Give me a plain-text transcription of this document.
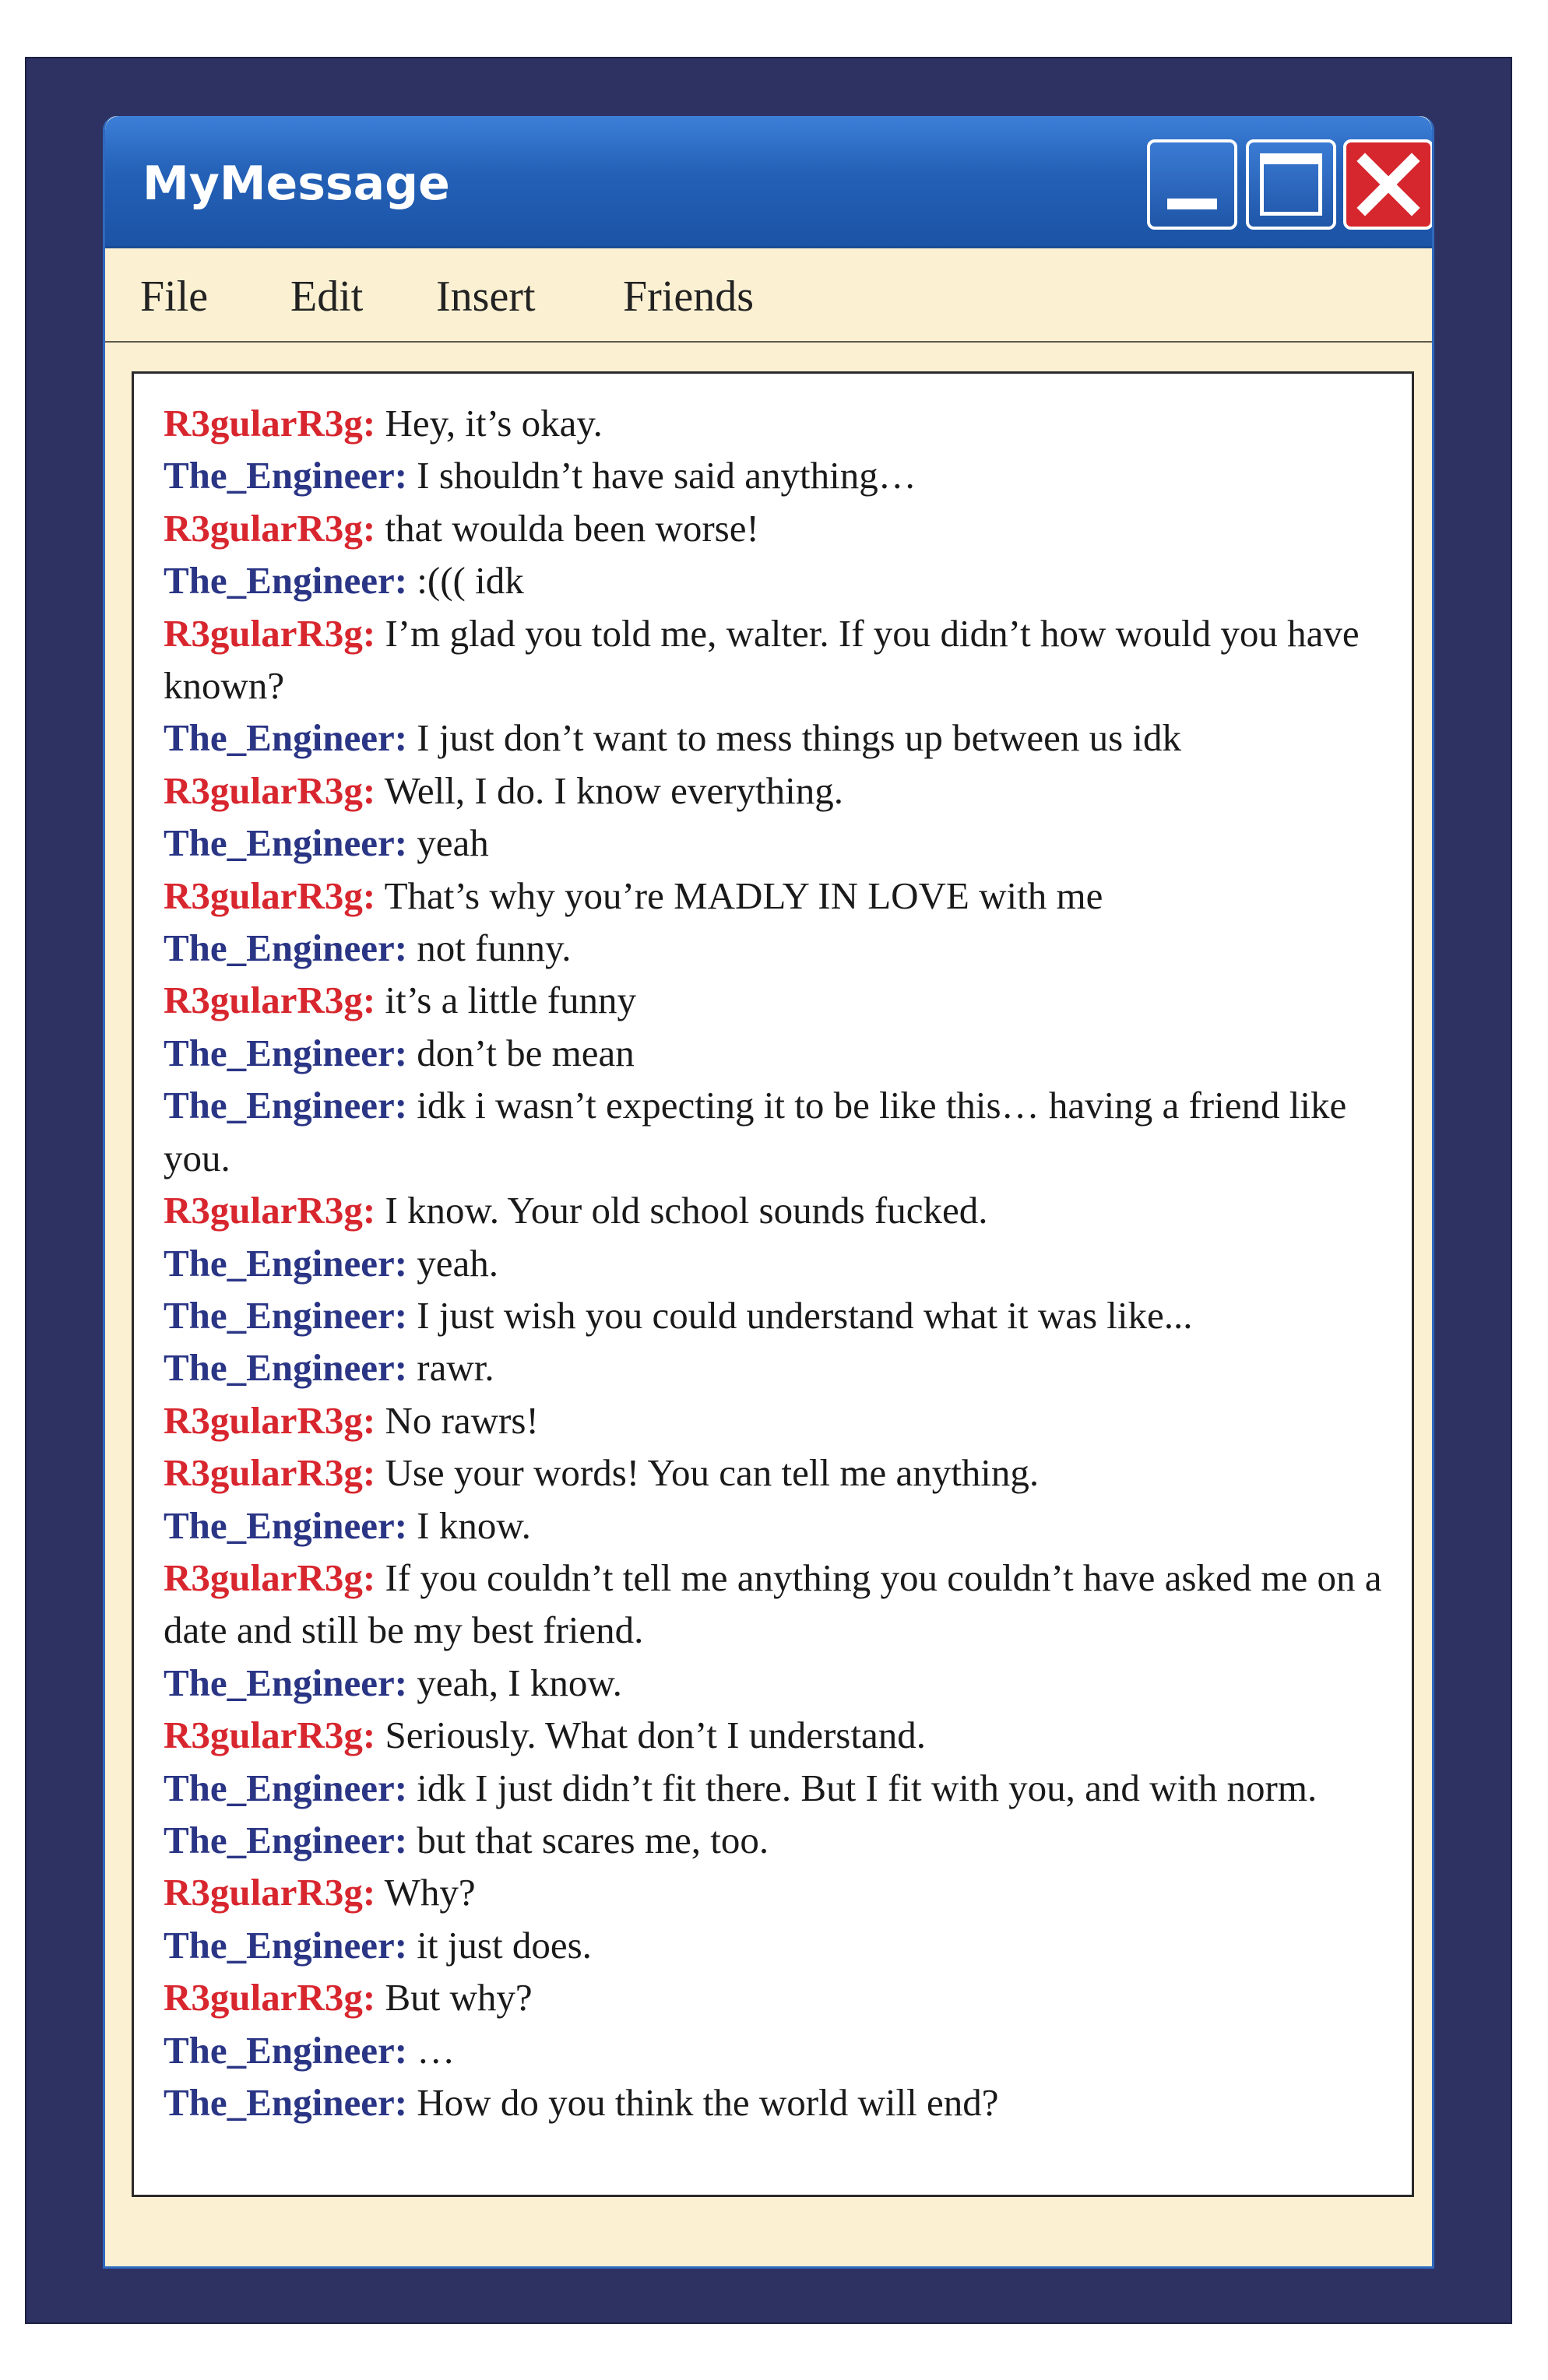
MyMessage
File Edit Insert Friends

R3gularR3g: Hey, it’s okay.

The_Engineer: I shouldn’t have said anything…

R3gularR3g: that woulda been worse!

The_Engineer: :((( idk

R3gularR3g: I’m glad you told me, walter. If you didn’t how would you have known?

The_Engineer: I just don’t want to mess things up between us idk

R3gularR3g: Well, I do. I know everything.

The_Engineer: yeah

R3gularR3g: That’s why you’re MADLY IN LOVE with me

The_Engineer: not funny.

R3gularR3g: it’s a little funny

The_Engineer: don’t be mean

The_Engineer: idk i wasn’t expecting it to be like this… having a friend like you.

R3gularR3g: I know. Your old school sounds fucked.

The_Engineer: yeah.

The_Engineer: I just wish you could understand what it was like...

The_Engineer: rawr.

R3gularR3g: No rawrs!

R3gularR3g: Use your words! You can tell me anything.

The_Engineer: I know.

R3gularR3g: If you couldn’t tell me anything you couldn’t have asked me on a date and still be my best friend.

The_Engineer: yeah, I know.

R3gularR3g: Seriously. What don’t I understand.

The_Engineer: idk I just didn’t fit there. But I fit with you, and with norm.

The_Engineer: but that scares me, too.

R3gularR3g: Why?

The_Engineer: it just does.

R3gularR3g: But why?

The_Engineer: …

The_Engineer: How do you think the world will end?
